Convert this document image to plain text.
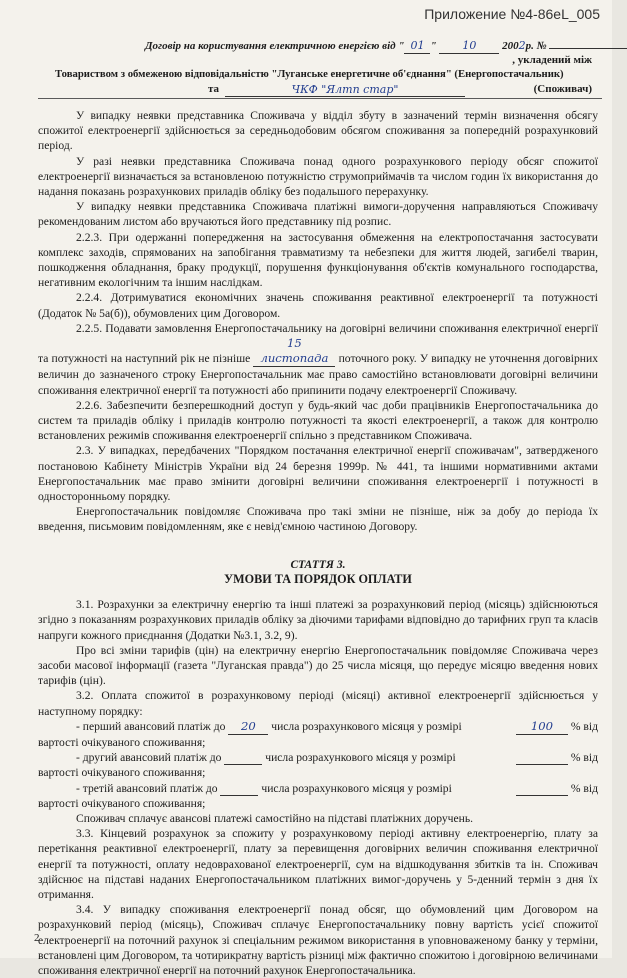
Приложение №4-86eL_005
Договір на користування електричною енергією від " 01 " 10 2002р. №
, укладений між
Товариством з обмеженою відповідальністю "Луганське енергетичне об'єднання" (Енергопостачальник)
та	ЧКФ "Ялтп стар"	(Споживач)

У випадку неявки представника Споживача у відділ збуту в зазначений термін визначення обсягу спожитої електроенергії здійснюється за середньодобовим обсягом споживання за попередній розрахунковий період.

У разі неявки представника Споживача понад одного розрахункового періоду обсяг спожитої електроенергії визначається за встановленою потужністю струмоприймачів та числом годин їх використання до надання показань розрахункових приладів обліку без подальшого перерахунку.

У випадку неявки представника Споживача платіжні вимоги-доручення направляються Споживачу рекомендованим листом або вручаються його представнику під розпис.

2.2.3. При одержанні попередження на застосування обмеження на електропостачання застосувати комплекс заходів, спрямованих на запобігання травматизму та небезпеки для життя людей, загибелі тварин, пошкодження обладнання, браку продукції, порушення функціонування об'єктів комунального господарства, негативним екологічним та іншим наслідкам.

2.2.4. Дотримуватися економічних значень споживання реактивної електроенергії та потужності (Додаток № 5а(б)), обумовлених цим Договором.

2.2.5. Подавати замовлення Енергопостачальнику на договірні величини споживання електричної енергії та потужності на наступний рік не пізніше 15 листопада поточного року. У випадку не уточнення договірних величин до зазначеного строку Енергопостачальник має право самостійно встановлювати договірні величини споживання електричної енергії та потужності або припинити подачу електроенергії Споживачу.

2.2.6. Забезпечити безперешкодний доступ у будь-який час доби працівників Енергопостачальника до систем та приладів обліку і приладів контролю потужності та якості електроенергії, а також для контролю встановлених режимів споживання електроенергії спільно з представником Споживача.

2.3. У випадках, передбачених "Порядком постачання електричної енергії споживачам", затвердженого постановою Кабінету Міністрів України від 24 березня 1999р. № 441, та іншими нормативними актами Енергопостачальник має право змінити договірні величини споживання електроенергії і потужності в односторонньому порядку.

Енергопостачальник повідомляє Споживача про такі зміни не пізніше, ніж за добу до періода їх введення, письмовим повідомленням, яке є невід'ємною частиною Договору.

СТАТТЯ 3.
УМОВИ ТА ПОРЯДОК ОПЛАТИ

3.1. Розрахунки за електричну енергію та інші платежі за розрахунковий період (місяць) здійснюються згідно з показанням розрахункових приладів обліку за діючими тарифами відповідно до тарифних груп та класів напруги кожного приєднання (Додатки №3.1, 3.2, 9).

Про всі зміни тарифів (цін) на електричну енергію Енергопостачальник повідомляє Споживача через засоби масової інформації (газета "Луганская правда") до 25 числа місяця, що передує місяцю введення нових тарифів (цін).

3.2. Оплата спожитої в розрахунковому періоді (місяці) активної електроенергії здійснюється у наступному порядку:

- перший авансовий платіж до
	20
	числа розрахункового місяця у розмірі	100
	% від

вартості очікуваного споживання;

- другий авансовий платіж до

	числа розрахункового місяця у розмірі
	% від

вартості очікуваного споживання;

- третій авансовий платіж до

	числа розрахункового місяця у розмірі
	% від

вартості очікуваного споживання;

Споживач сплачує авансові платежі самостійно на підставі платіжних доручень.

3.3. Кінцевий розрахунок за спожиту у розрахунковому періоді активну електроенергію, плату за перетікання реактивної електроенергії, плату за перевищення договірних величин споживання електричної енергії та потужності, оплату недоврахованої електроенергії, сум на відшкодування збитків та ін. Споживач здійснює на підставі наданих Енергопостачальником платіжних вимог-доручень у 5-денний термін з дня їх отримання.

3.4. У випадку споживання електроенергії понад обсяг, що обумовлений цим Договором на розрахунковий період (місяць), Споживач сплачує Енергопостачальнику повну вартість усієї спожитої електроенергії на поточний рахунок зі спеціальним режимом використання в уповноваженому банку у терміни, встановлені цим Договором, та чотирикратну вартість різниці між фактично спожитою і договірною величинами споживання електричної енергії на поточний рахунок Енергопостачальника.

2
